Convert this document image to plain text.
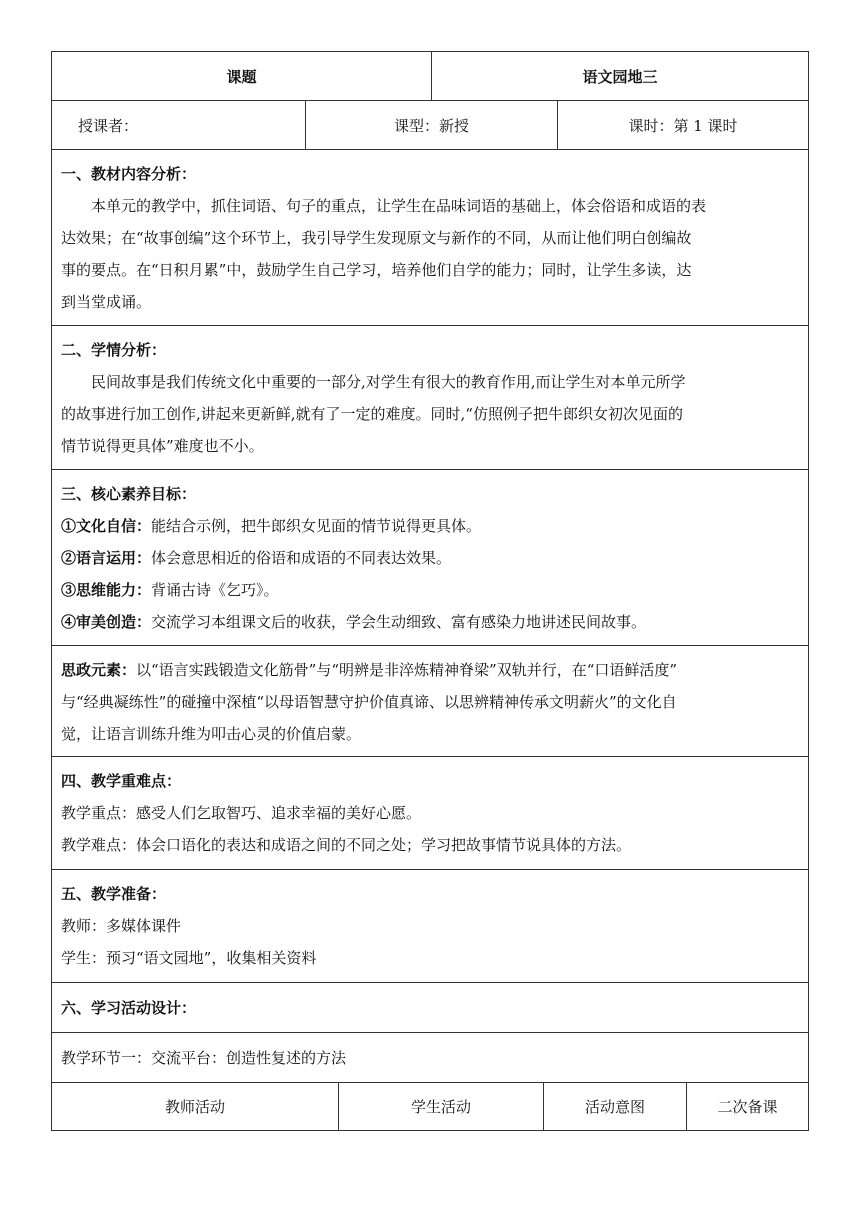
课题	语文园地三
授课者：	课型：新授	课时：第 1 课时
一、教材内容分析：
本单元的教学中，抓住词语、句子的重点，让学生在品味词语的基础上，体会俗语和成语的表
达效果；在“故事创编”这个环节上，我引导学生发现原文与新作的不同，从而让他们明白创编故
事的要点。在“日积月累”中，鼓励学生自己学习，培养他们自学的能力；同时，让学生多读，达
到当堂成诵。
二、学情分析：
民间故事是我们传统文化中重要的一部分,对学生有很大的教育作用,而让学生对本单元所学
的故事进行加工创作,讲起来更新鲜,就有了一定的难度。同时,“仿照例子把牛郎织女初次见面的
情节说得更具体”难度也不小。
三、核心素养目标：
①文化自信：能结合示例，把牛郎织女见面的情节说得更具体。
②语言运用：体会意思相近的俗语和成语的不同表达效果。
③思维能力：背诵古诗《乞巧》。
④审美创造：交流学习本组课文后的收获，学会生动细致、富有感染力地讲述民间故事。
思政元素：以“语言实践锻造文化筋骨”与“明辨是非淬炼精神脊梁”双轨并行，在“口语鲜活度”
与“经典凝练性”的碰撞中深植“以母语智慧守护价值真谛、以思辨精神传承文明薪火”的文化自
觉，让语言训练升维为叩击心灵的价值启蒙。
四、教学重难点：
教学重点：感受人们乞取智巧、追求幸福的美好心愿。
教学难点：体会口语化的表达和成语之间的不同之处；学习把故事情节说具体的方法。
五、教学准备：
教师：多媒体课件
学生：预习“语文园地”，收集相关资料
六、学习活动设计：
教学环节一：交流平台：创造性复述的方法
教师活动	学生活动	活动意图	二次备课
